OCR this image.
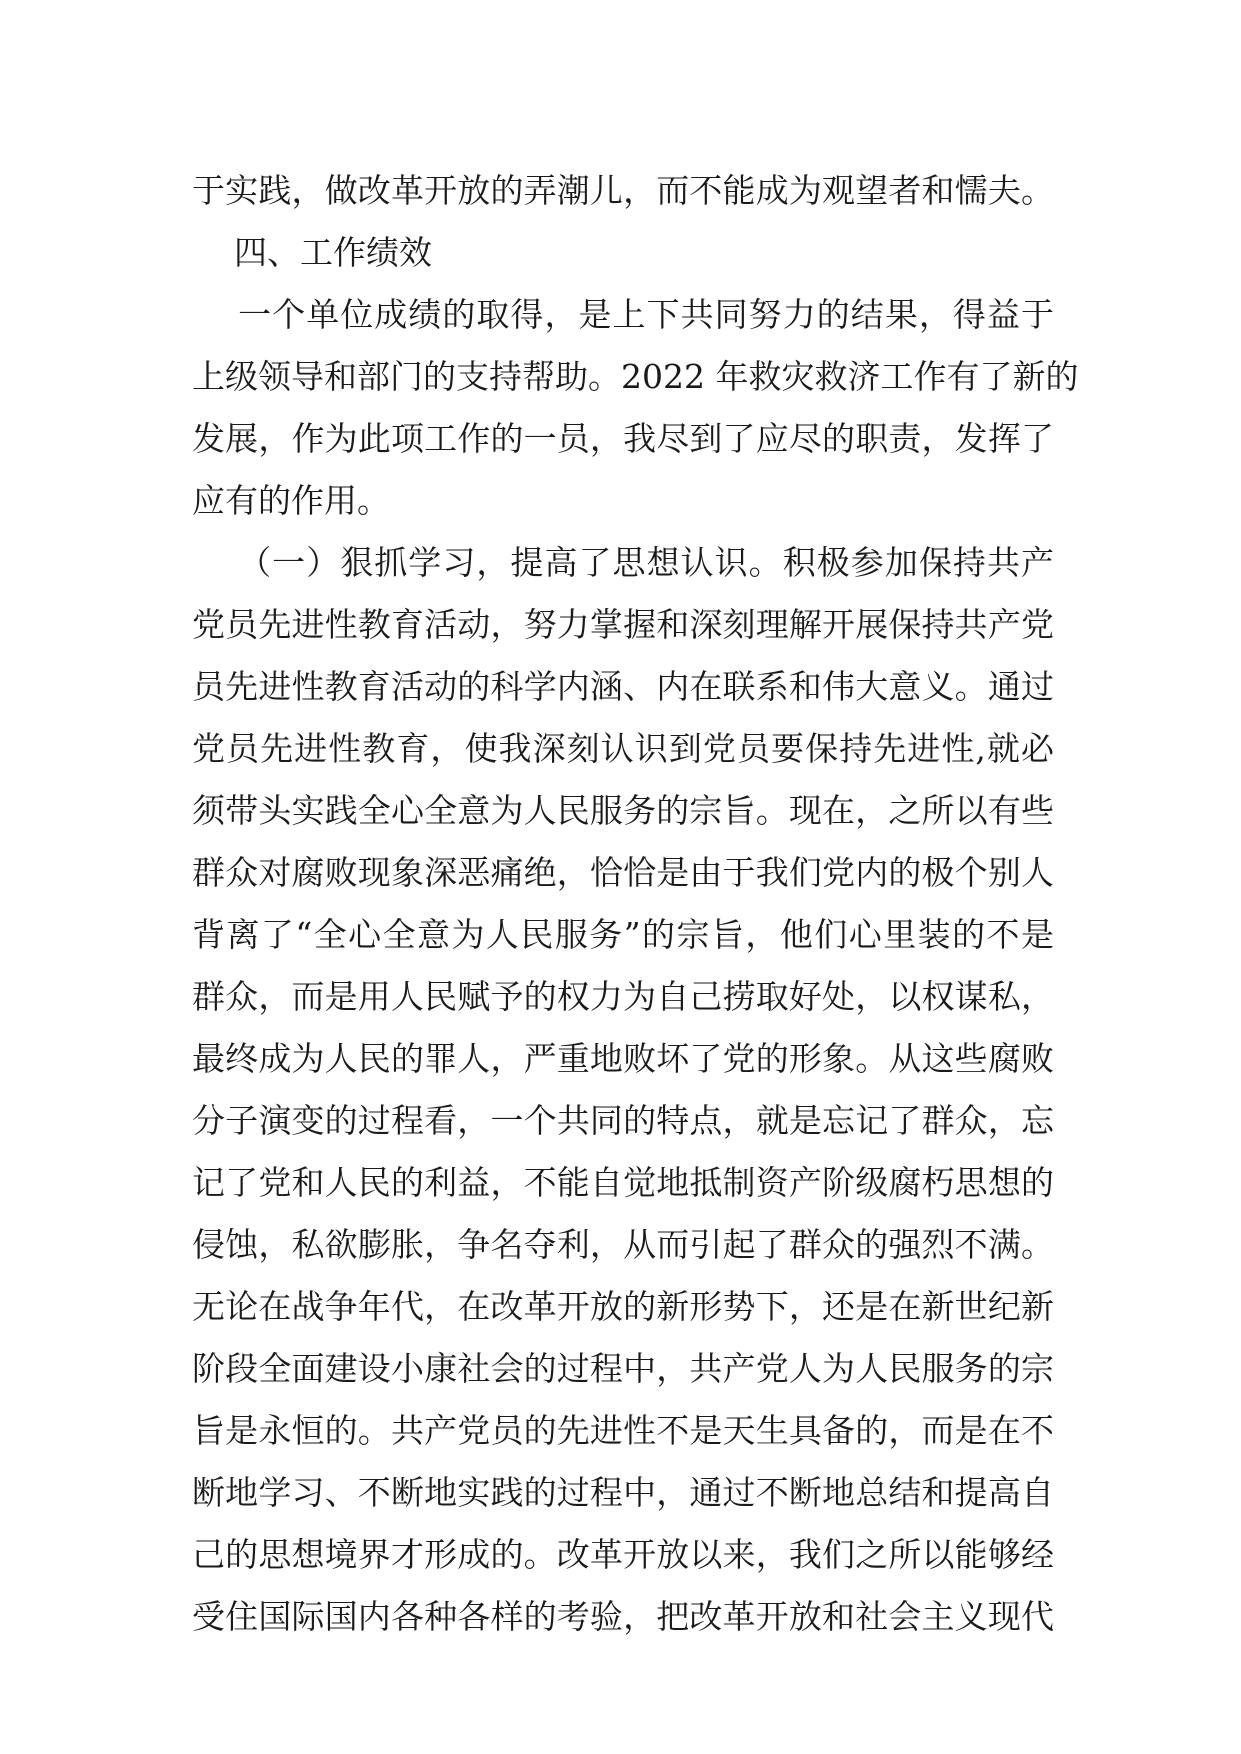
于实践，做改革开放的弄潮儿，而不能成为观望者和懦夫。
四、工作绩效
一个单位成绩的取得，是上下共同努力的结果，得益于
上级领导和部门的支持帮助。2022 年救灾救济工作有了新的
发展，作为此项工作的一员，我尽到了应尽的职责，发挥了
应有的作用。
（一）狠抓学习，提高了思想认识。积极参加保持共产
党员先进性教育活动，努力掌握和深刻理解开展保持共产党
员先进性教育活动的科学内涵、内在联系和伟大意义。通过
党员先进性教育，使我深刻认识到党员要保持先进性,就必
须带头实践全心全意为人民服务的宗旨。现在，之所以有些
群众对腐败现象深恶痛绝，恰恰是由于我们党内的极个别人
背离了“全心全意为人民服务”的宗旨，他们心里装的不是
群众，而是用人民赋予的权力为自己捞取好处，以权谋私，
最终成为人民的罪人，严重地败坏了党的形象。从这些腐败
分子演变的过程看，一个共同的特点，就是忘记了群众，忘
记了党和人民的利益，不能自觉地抵制资产阶级腐朽思想的
侵蚀，私欲膨胀，争名夺利，从而引起了群众的强烈不满。
无论在战争年代，在改革开放的新形势下，还是在新世纪新
阶段全面建设小康社会的过程中，共产党人为人民服务的宗
旨是永恒的。共产党员的先进性不是天生具备的，而是在不
断地学习、不断地实践的过程中，通过不断地总结和提高自
己的思想境界才形成的。改革开放以来，我们之所以能够经
受住国际国内各种各样的考验，把改革开放和社会主义现代
